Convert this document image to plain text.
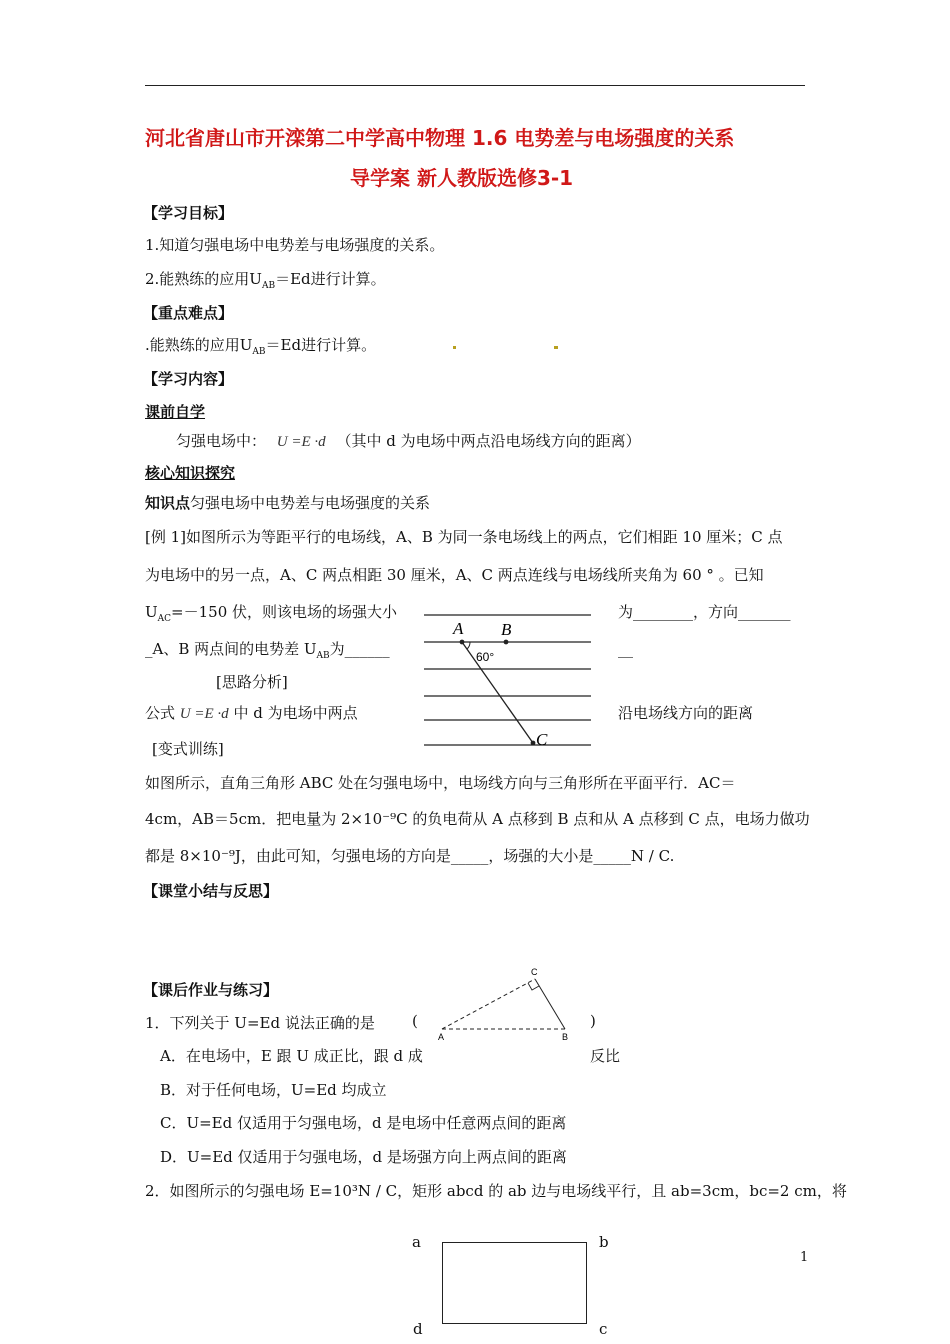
河北省唐山市开滦第二中学高中物理 1.6 电势差与电场强度的关系
导学案 新人教版选修3-1
【学习目标】
1.知道匀强电场中电势差与电场强度的关系。
2.能熟练的应用$U_{AB}=Ed$进行计算。
【重点难点】
.能熟练的应用$U_{AB}=Ed$进行计算。
【学习内容】
课前自学
匀强电场中： U =E ·d （其中 d 为电场中两点沿电场线方向的距离）
核心知识探究
知识点匀强电场中电势差与电场强度的关系
[例 1]如图所示为等距平行的电场线，A、B 为同一条电场线上的两点，它们相距 10 厘米；C 点
为电场中的另一点，A、C 两点相距 30 厘米，A、C 两点连线与电场线所夹角为 60 ° 。已知
$U_{AC}=-150$ 伏，则该电场的场强大小	为________，方向_______
_A、B 两点间的电势差 $U_{AB}$为______	__
[思路分析]
公式 U =E ·d 中 d 为电场中两点	沿电场线方向的距离
[变式训练]
A B
60°
C
如图所示，直角三角形 ABC 处在匀强电场中，电场线方向与三角形所在平面平行．AC＝
4cm，AB＝5cm．把电量为 2×10⁻⁹C 的负电荷从 A 点移到 B 点和从 A 点移到 C 点，电场力做功
都是 8×10⁻⁹J，由此可知，匀强电场的方向是_____，场强的大小是_____N / C.
【课堂小结与反思】
【课后作业与练习】
1．下列关于 U=Ed 说法正确的是 (	)
A．在电场中，E 跟 U 成正比，跟 d 成	反比
B．对于任何电场，U=Ed 均成立
C．U=Ed 仅适用于匀强电场，d 是电场中任意两点间的距离
D．U=Ed 仅适用于匀强电场，d 是场强方向上两点间的距离
2．如图所示的匀强电场 E=10³N / C，矩形 abcd 的 ab 边与电场线平行，且 ab=3cm，bc=2 cm，将
C
A	B
a	b
d	c
1
